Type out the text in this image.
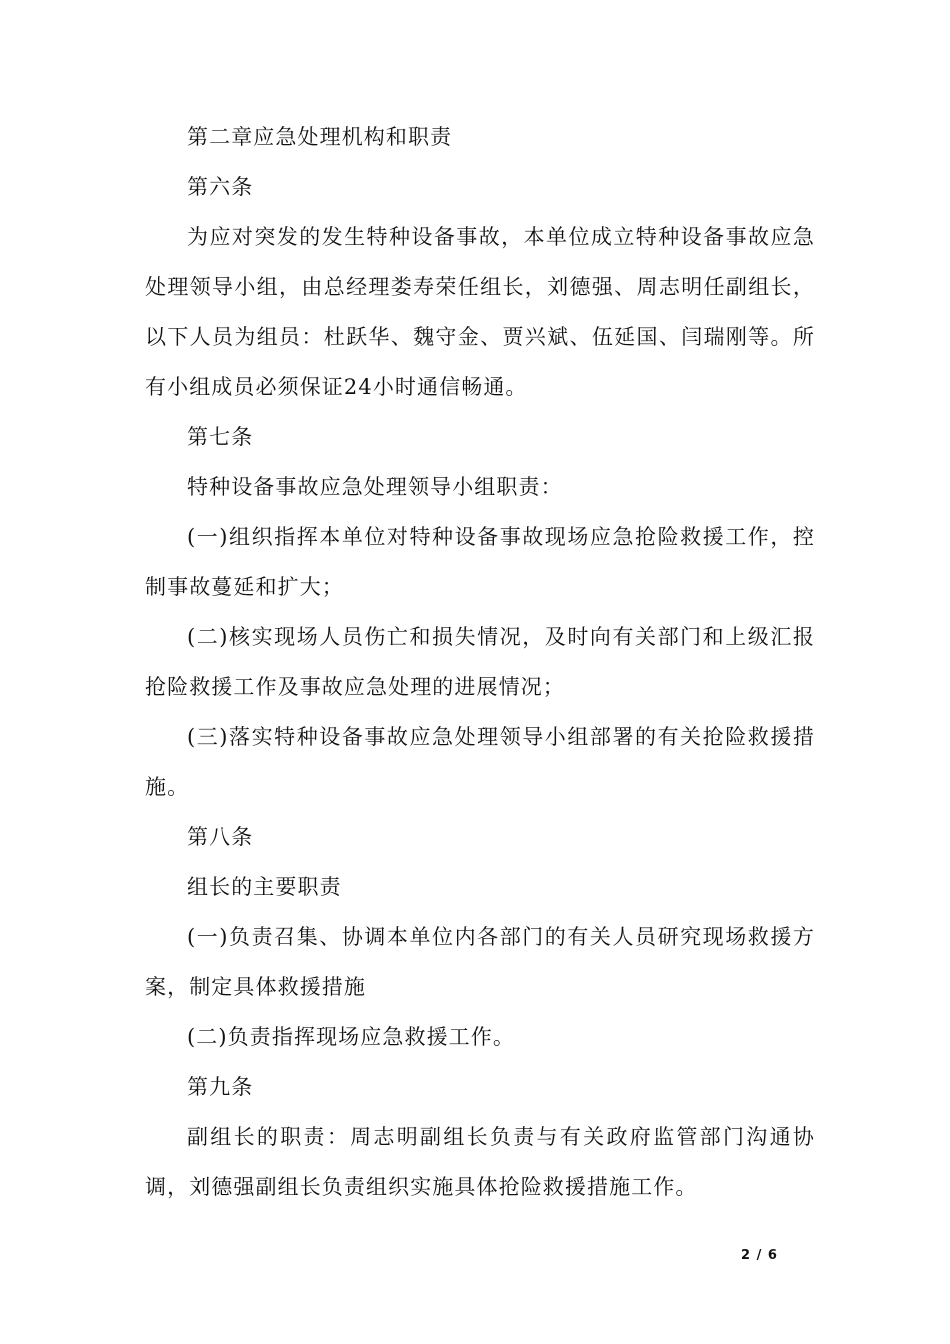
第二章应急处理机构和职责

第六条

为应对突发的发生特种设备事故，本单位成立特种设备事故应急处理领导小组，由总经理娄寿荣任组长，刘德强、周志明任副组长，以下人员为组员：杜跃华、魏守金、贾兴斌、伍延国、闫瑞刚等。所有小组成员必须保证24小时通信畅通。

第七条

特种设备事故应急处理领导小组职责：

(一)组织指挥本单位对特种设备事故现场应急抢险救援工作，控制事故蔓延和扩大；

(二)核实现场人员伤亡和损失情况，及时向有关部门和上级汇报抢险救援工作及事故应急处理的进展情况；

(三)落实特种设备事故应急处理领导小组部署的有关抢险救援措施。

第八条

组长的主要职责

(一)负责召集、协调本单位内各部门的有关人员研究现场救援方案，制定具体救援措施

(二)负责指挥现场应急救援工作。

第九条

副组长的职责：周志明副组长负责与有关政府监管部门沟通协调，刘德强副组长负责组织实施具体抢险救援措施工作。

2 / 6
